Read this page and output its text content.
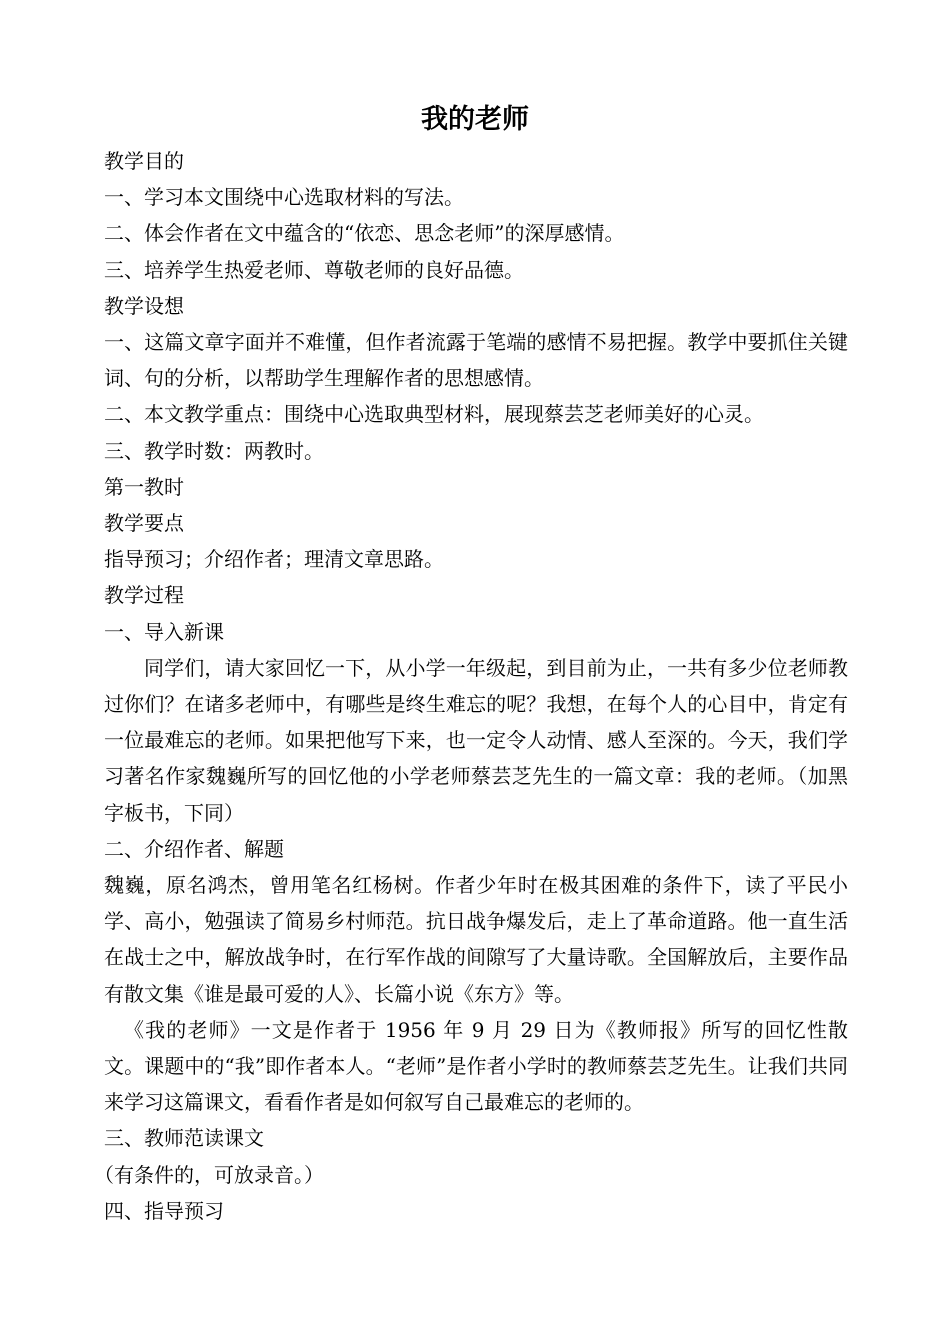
我的老师

教学目的

一、学习本文围绕中心选取材料的写法。

二、体会作者在文中蕴含的“依恋、思念老师”的深厚感情。

三、培养学生热爱老师、尊敬老师的良好品德。

教学设想

一、这篇文章字面并不难懂，但作者流露于笔端的感情不易把握。教学中要抓住关键词、句的分析，以帮助学生理解作者的思想感情。

二、本文教学重点：围绕中心选取典型材料，展现蔡芸芝老师美好的心灵。

三、教学时数：两教时。

第一教时

教学要点

指导预习；介绍作者；理清文章思路。

教学过程

一、导入新课

同学们，请大家回忆一下，从小学一年级起，到目前为止，一共有多少位老师教过你们？在诸多老师中，有哪些是终生难忘的呢？我想，在每个人的心目中，肯定有一位最难忘的老师。如果把他写下来，也一定令人动情、感人至深的。今天，我们学习著名作家魏巍所写的回忆他的小学老师蔡芸芝先生的一篇文章：我的老师。（加黑字板书，下同）

二、介绍作者、解题

魏巍，原名鸿杰，曾用笔名红杨树。作者少年时在极其困难的条件下，读了平民小学、高小，勉强读了简易乡村师范。抗日战争爆发后，走上了革命道路。他一直生活在战士之中，解放战争时，在行军作战的间隙写了大量诗歌。全国解放后，主要作品有散文集《谁是最可爱的人》、长篇小说《东方》等。

《我的老师》一文是作者于 1956 年 9 月 29 日为《教师报》所写的回忆性散文。课题中的“我”即作者本人。“老师”是作者小学时的教师蔡芸芝先生。让我们共同来学习这篇课文，看看作者是如何叙写自己最难忘的老师的。

三、教师范读课文

（有条件的，可放录音。）

四、指导预习
